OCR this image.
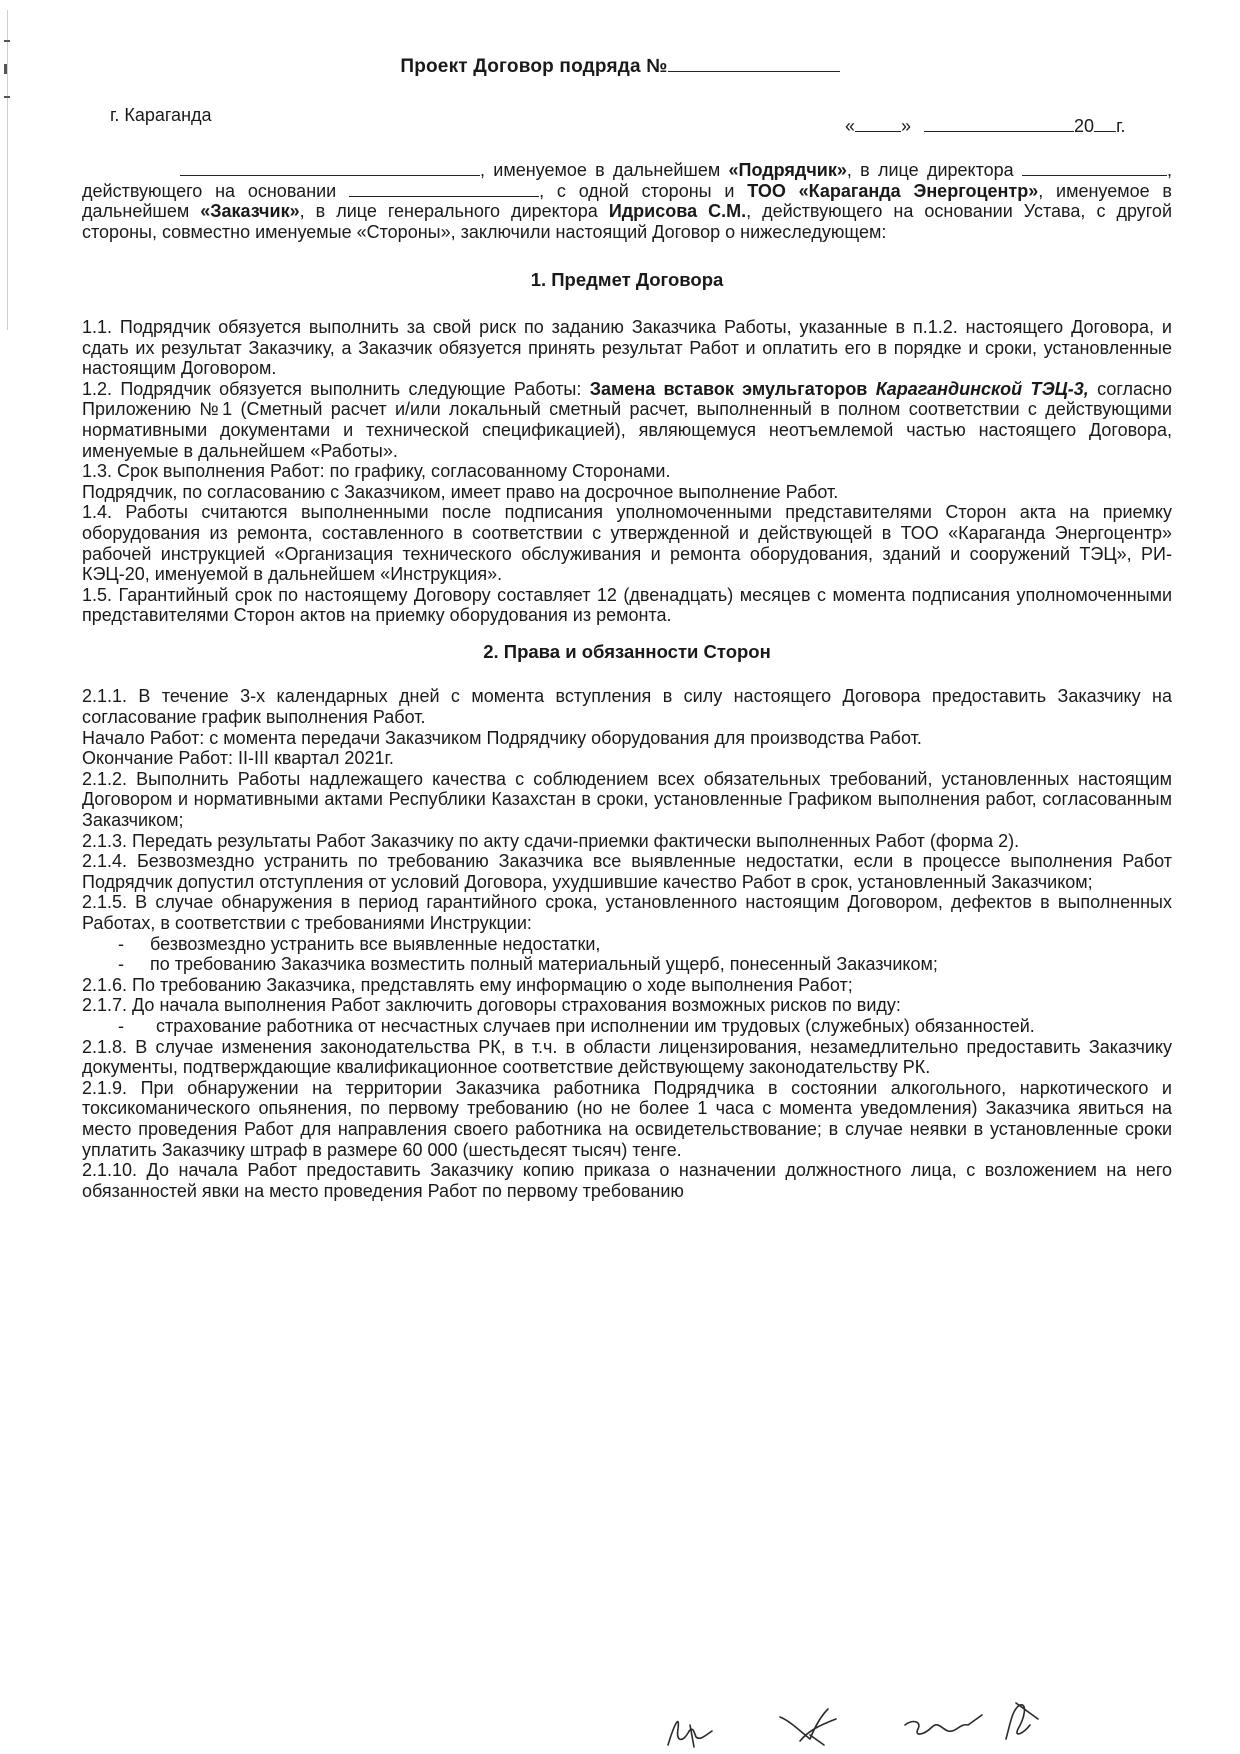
Проект Договор подряда №
г. Караганда
«	»	20 г.

, именуемое в дальнейшем «Подрядчик», в лице директора	, действующего на основании	, с одной стороны и ТОО «Караганда Энергоцентр», именуемое в дальнейшем «Заказчик», в лице генерального директора Идрисова С.М., действующего на основании Устава, с другой стороны, совместно именуемые «Стороны», заключили настоящий Договор о нижеследующем:

1. Предмет Договора

1.1. Подрядчик обязуется выполнить за свой риск по заданию Заказчика Работы, указанные в п.1.2. настоящего Договора, и сдать их результат Заказчику, а Заказчик обязуется принять результат Работ и оплатить его в порядке и сроки, установленные настоящим Договором.

1.2. Подрядчик обязуется выполнить следующие Работы: Замена вставок эмульгаторов Карагандинской ТЭЦ-3, согласно Приложению №1 (Сметный расчет и/или локальный сметный расчет, выполненный в полном соответствии с действующими нормативными документами и технической спецификацией), являющемуся неотъемлемой частью настоящего Договора, именуемые в дальнейшем «Работы».

1.3. Срок выполнения Работ: по графику, согласованному Сторонами.

Подрядчик, по согласованию с Заказчиком, имеет право на досрочное выполнение Работ.

1.4. Работы считаются выполненными после подписания уполномоченными представителями Сторон акта на приемку оборудования из ремонта, составленного в соответствии с утвержденной и действующей в ТОО «Караганда Энергоцентр» рабочей инструкцией «Организация технического обслуживания и ремонта оборудования, зданий и сооружений ТЭЦ», РИ-КЭЦ-20, именуемой в дальнейшем «Инструкция».

1.5. Гарантийный срок по настоящему Договору составляет 12 (двенадцать) месяцев с момента подписания уполномоченными представителями Сторон актов на приемку оборудования из ремонта.

2. Права и обязанности Сторон

2.1.1. В течение 3-х календарных дней с момента вступления в силу настоящего Договора предоставить Заказчику на согласование график выполнения Работ.

Начало Работ: с момента передачи Заказчиком Подрядчику оборудования для производства Работ.

Окончание Работ: II-III квартал 2021г.

2.1.2. Выполнить Работы надлежащего качества с соблюдением всех обязательных требований, установленных настоящим Договором и нормативными актами Республики Казахстан в сроки, установленные Графиком выполнения работ, согласованным Заказчиком;

2.1.3. Передать результаты Работ Заказчику по акту сдачи-приемки фактически выполненных Работ (форма 2).

2.1.4. Безвозмездно устранить по требованию Заказчика все выявленные недостатки, если в процессе выполнения Работ Подрядчик допустил отступления от условий Договора, ухудшившие качество Работ в срок, установленный Заказчиком;

2.1.5. В случае обнаружения в период гарантийного срока, установленного настоящим Договором, дефектов в выполненных Работах, в соответствии с требованиями Инструкции:

- безвозмездно устранить все выявленные недостатки,
- по требованию Заказчика возместить полный материальный ущерб, понесенный Заказчиком;

2.1.6. По требованию Заказчика, представлять ему информацию о ходе выполнения Работ;

2.1.7. До начала выполнения Работ заключить договоры страхования возможных рисков по виду:

- страхование работника от несчастных случаев при исполнении им трудовых (служебных) обязанностей.

2.1.8. В случае изменения законодательства РК, в т.ч. в области лицензирования, незамедлительно предоставить Заказчику документы, подтверждающие квалификационное соответствие действующему законодательству РК.

2.1.9. При обнаружении на территории Заказчика работника Подрядчика в состоянии алкогольного, наркотического и токсикоманического опьянения, по первому требованию (но не более 1 часа с момента уведомления) Заказчика явиться на место проведения Работ для направления своего работника на освидетельствование; в случае неявки в установленные сроки уплатить Заказчику штраф в размере 60 000 (шестьдесят тысяч) тенге.

2.1.10. До начала Работ предоставить Заказчику копию приказа о назначении должностного лица, с возложением на него обязанностей явки на место проведения Работ по первому требованию
